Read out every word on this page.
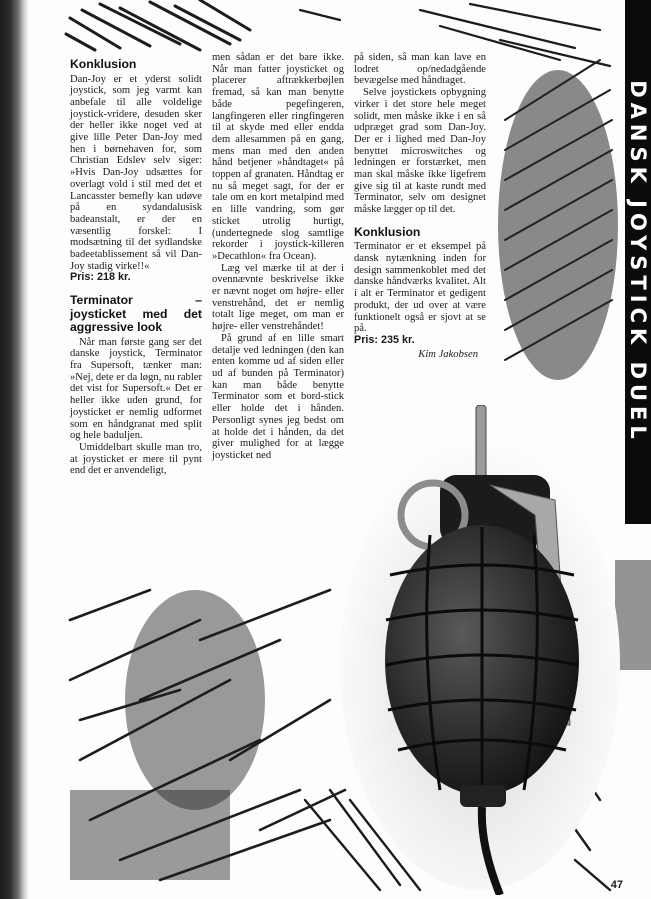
Konklusion

Dan-Joy er et yderst solidt joystick, som jeg varmt kan anbefale til alle voldelige joystick-vridere, desuden sker der heller ikke noget ved at give lille Peter Dan-Joy med hen i børnehaven for, som Christian Edslev selv siger: »Hvis Dan-Joy udsættes for overlagt vold i stil med det et Lancasster bemefly kan udøve på en sydandalusisk badeanstalt, er der en væsentlig forskel: I modsætning til det sydlandske badeetablissement så vil Dan-Joy stadig virke!!«

Pris: 218 kr.
Terminator – joysticket med det aggressive look

Når man første gang ser det danske joystick, Terminator fra Supersoft, tænker man: »Nej, dete er da løgn, nu rabler det vist for Supersoft.« Det er heller ikke uden grund, for joysticket er nemlig udformet som en håndgranat med split og hele baduljen.

Umiddelbart skulle man tro, at joysticket er mere til pynt end det er anvendeligt,

men sådan er det bare ikke. Når man fatter joysticket og placerer aftrækkerbøjlen fremad, så kan man benytte både pegefingeren, langfingeren eller ringfingeren til at skyde med eller endda dem allesammen på en gang, mens man med den anden hånd betjener »håndtaget« på toppen af granaten. Håndtag er nu så meget sagt, for der er tale om en kort metalpind med en lille vandring, som gør sticket utrolig hurtigt, (undertegnede slog samtlige rekorder i joystick-killeren »Decathlon« fra Ocean).

Læg vel mærke til at der i ovennævnte beskrivelse ikke er nævnt noget om højre- eller venstrehånd, det er nemlig totalt lige meget, om man er højre- eller venstrehåndet!

På grund af en lille smart detalje ved ledningen (den kan enten komme ud af siden eller ud af bunden på Terminator) kan man både benytte Terminator som et bord-stick eller holde det i hånden. Personligt synes jeg bedst om at holde det i hånden, da det giver mulighed for at lægge joysticket ned

på siden, så man kan lave en lodret op/nedadgående bevægelse med håndtaget.

Selve joystickets opbygning virker i det store hele meget solidt, men måske ikke i en så udpræget grad som Dan-Joy. Der er i lighed med Dan-Joy benyttet microswitches og ledningen er forstærket, men man skal måske ikke ligefrem give sig til at kaste rundt med Terminator, selv om designet måske lægger op til det.

Konklusion

Terminator er et eksempel på dansk nytænkning inden for design sammenkoblet med det danske håndværks kvalitet. Alt i alt er Terminator et gedigent produkt, der ud over at være funktionelt også er sjovt at se på.

Pris: 235 kr.
Kim Jakobsen	DANSK JOYSTICK DUEL
47
